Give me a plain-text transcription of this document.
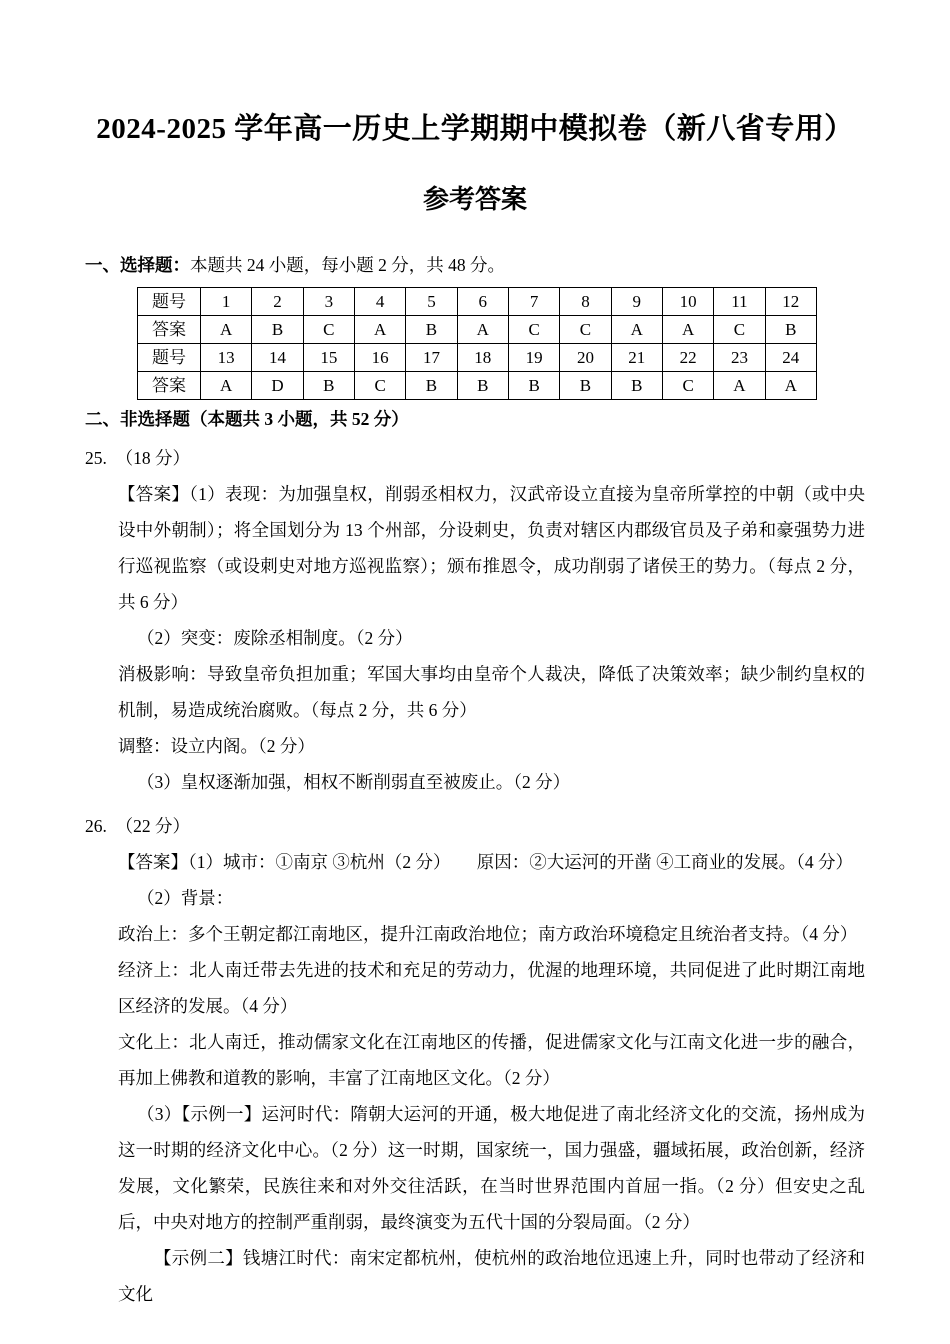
2024-2025 学年高一历史上学期期中模拟卷（新八省专用）
参考答案

一、选择题：本题共 24 小题，每小题 2 分，共 48 分。

题号	1	2	3	4	5	6	7	8	9	10	11	12
答案	A	B	C	A	B	A	C	C	A	A	C	B
题号	13	14	15	16	17	18	19	20	21	22	23	24
答案	A	D	B	C	B	B	B	B	B	C	A	A

二、非选择题（本题共 3 小题，共 52 分）

25.　（18 分）

【答案】（1）表现：为加强皇权，削弱丞相权力，汉武帝设立直接为皇帝所掌控的中朝（或中央设中外朝制）；将全国划分为 13 个州部，分设刺史，负责对辖区内郡级官员及子弟和豪强势力进行巡视监察（或设刺史对地方巡视监察）；颁布推恩令，成功削弱了诸侯王的势力。（每点 2 分，共 6 分）

（2）突变：废除丞相制度。（2 分）

消极影响：导致皇帝负担加重；军国大事均由皇帝个人裁决，降低了决策效率；缺少制约皇权的机制，易造成统治腐败。（每点 2 分，共 6 分）

调整：设立内阁。（2 分）

（3）皇权逐渐加强，相权不断削弱直至被废止。（2 分）

26.　（22 分）

【答案】（1）城市：①南京 ③杭州（2 分）　　原因：②大运河的开凿 ④工商业的发展。（4 分）

（2）背景：

政治上：多个王朝定都江南地区，提升江南政治地位；南方政治环境稳定且统治者支持。（4 分）

经济上：北人南迁带去先进的技术和充足的劳动力，优渥的地理环境，共同促进了此时期江南地区经济的发展。（4 分）

文化上：北人南迁，推动儒家文化在江南地区的传播，促进儒家文化与江南文化进一步的融合，再加上佛教和道教的影响，丰富了江南地区文化。（2 分）

（3）【示例一】运河时代：隋朝大运河的开通，极大地促进了南北经济文化的交流，扬州成为这一时期的经济文化中心。（2 分）这一时期，国家统一，国力强盛，疆域拓展，政治创新，经济发展，文化繁荣，民族往来和对外交往活跃，在当时世界范围内首屈一指。（2 分）但安史之乱后，中央对地方的控制严重削弱，最终演变为五代十国的分裂局面。（2 分）

【示例二】钱塘江时代：南宋定都杭州，使杭州的政治地位迅速上升，同时也带动了经济和文化
